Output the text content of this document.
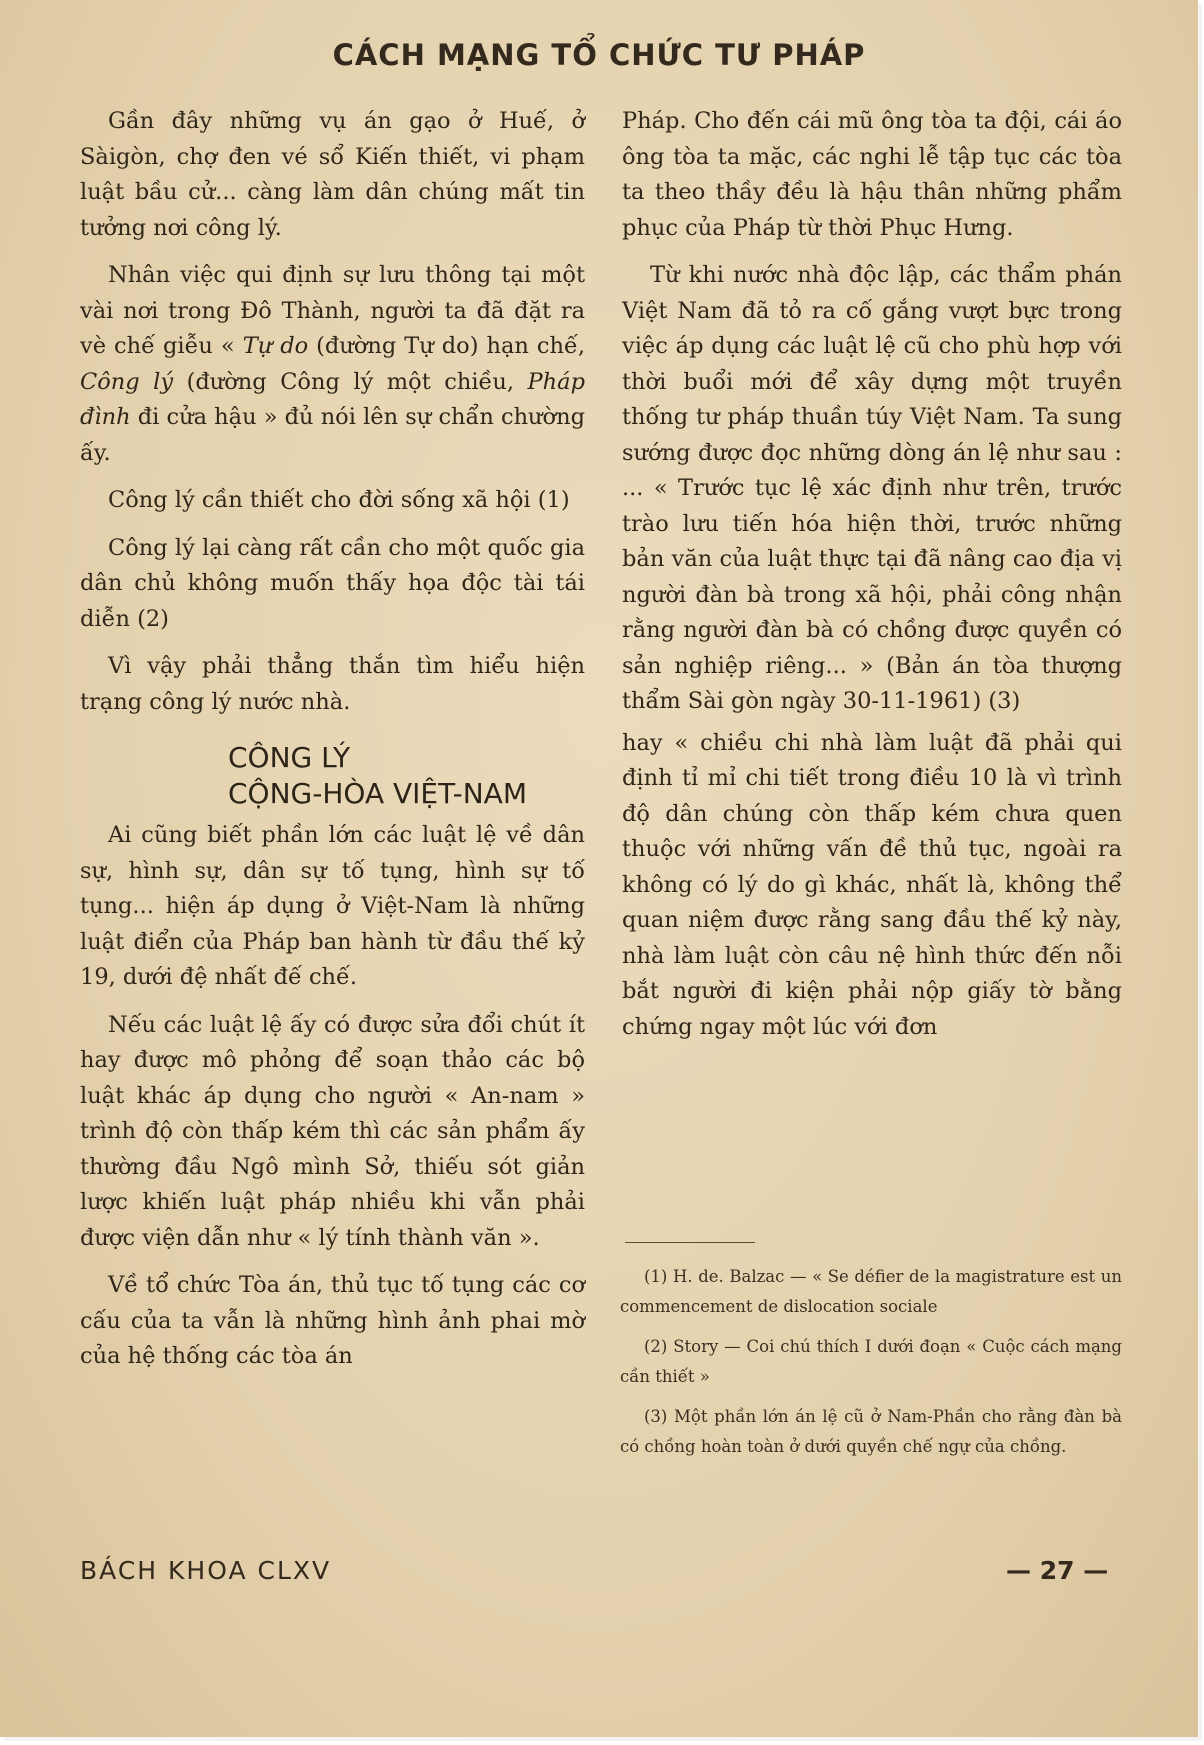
CÁCH MẠNG TỔ CHỨC TƯ PHÁP

Gần đây những vụ án gạo ở Huế, ở Sàigòn, chợ đen vé sổ Kiến thiết, vi phạm luật bầu cử... càng làm dân chúng mất tin tưởng nơi công lý.

Nhân việc qui định sự lưu thông tại một vài nơi trong Đô Thành, người ta đã đặt ra vè chế giễu « Tự do (đường Tự do) hạn chế, Công lý (đường Công lý một chiều, Pháp đình đi cửa hậu » đủ nói lên sự chẩn chường ấy.

Công lý cần thiết cho đời sống xã hội (1)

Công lý lại càng rất cần cho một quốc gia dân chủ không muốn thấy họa độc tài tái diễn (2)

Vì vậy phải thẳng thắn tìm hiểu hiện trạng công lý nước nhà.

CÔNG LÝ
CỘNG-HÒA VIỆT-NAM

Ai cũng biết phần lớn các luật lệ về dân sự, hình sự, dân sự tố tụng, hình sự tố tụng... hiện áp dụng ở Việt-Nam là những luật điển của Pháp ban hành từ đầu thế kỷ 19, dưới đệ nhất đế chế.

Nếu các luật lệ ấy có được sửa đổi chút ít hay được mô phỏng để soạn thảo các bộ luật khác áp dụng cho người « An-nam » trình độ còn thấp kém thì các sản phẩm ấy thường đầu Ngô mình Sở, thiếu sót giản lược khiến luật pháp nhiều khi vẫn phải được viện dẫn như « lý tính thành văn ».

Về tổ chức Tòa án, thủ tục tố tụng các cơ cấu của ta vẫn là những hình ảnh phai mờ của hệ thống các tòa án

Pháp. Cho đến cái mũ ông tòa ta đội, cái áo ông tòa ta mặc, các nghi lễ tập tục các tòa ta theo thầy đều là hậu thân những phẩm phục của Pháp từ thời Phục Hưng.

Từ khi nước nhà độc lập, các thẩm phán Việt Nam đã tỏ ra cố gắng vượt bực trong việc áp dụng các luật lệ cũ cho phù hợp với thời buổi mới để xây dựng một truyền thống tư pháp thuần túy Việt Nam. Ta sung sướng được đọc những dòng án lệ như sau : ... « Trước tục lệ xác định như trên, trước trào lưu tiến hóa hiện thời, trước những bản văn của luật thực tại đã nâng cao địa vị người đàn bà trong xã hội, phải công nhận rằng người đàn bà có chồng được quyền có sản nghiệp riêng... » (Bản án tòa thượng thẩm Sài gòn ngày 30-11-1961) (3)

hay « chiều chi nhà làm luật đã phải qui định tỉ mỉ chi tiết trong điều 10 là vì trình độ dân chúng còn thấp kém chưa quen thuộc với những vấn đề thủ tục, ngoài ra không có lý do gì khác, nhất là, không thể quan niệm được rằng sang đầu thế kỷ này, nhà làm luật còn câu nệ hình thức đến nỗi bắt người đi kiện phải nộp giấy tờ bằng chứng ngay một lúc với đơn

(1) H. de. Balzac — « Se défier de la magistrature est un commencement de dislocation sociale

(2) Story — Coi chú thích I dưới đoạn « Cuộc cách mạng cần thiết »

(3) Một phần lớn án lệ cũ ở Nam-Phần cho rằng đàn bà có chồng hoàn toàn ở dưới quyền chế ngự của chồng.

BÁCH KHOA CLXV	— 27 —
